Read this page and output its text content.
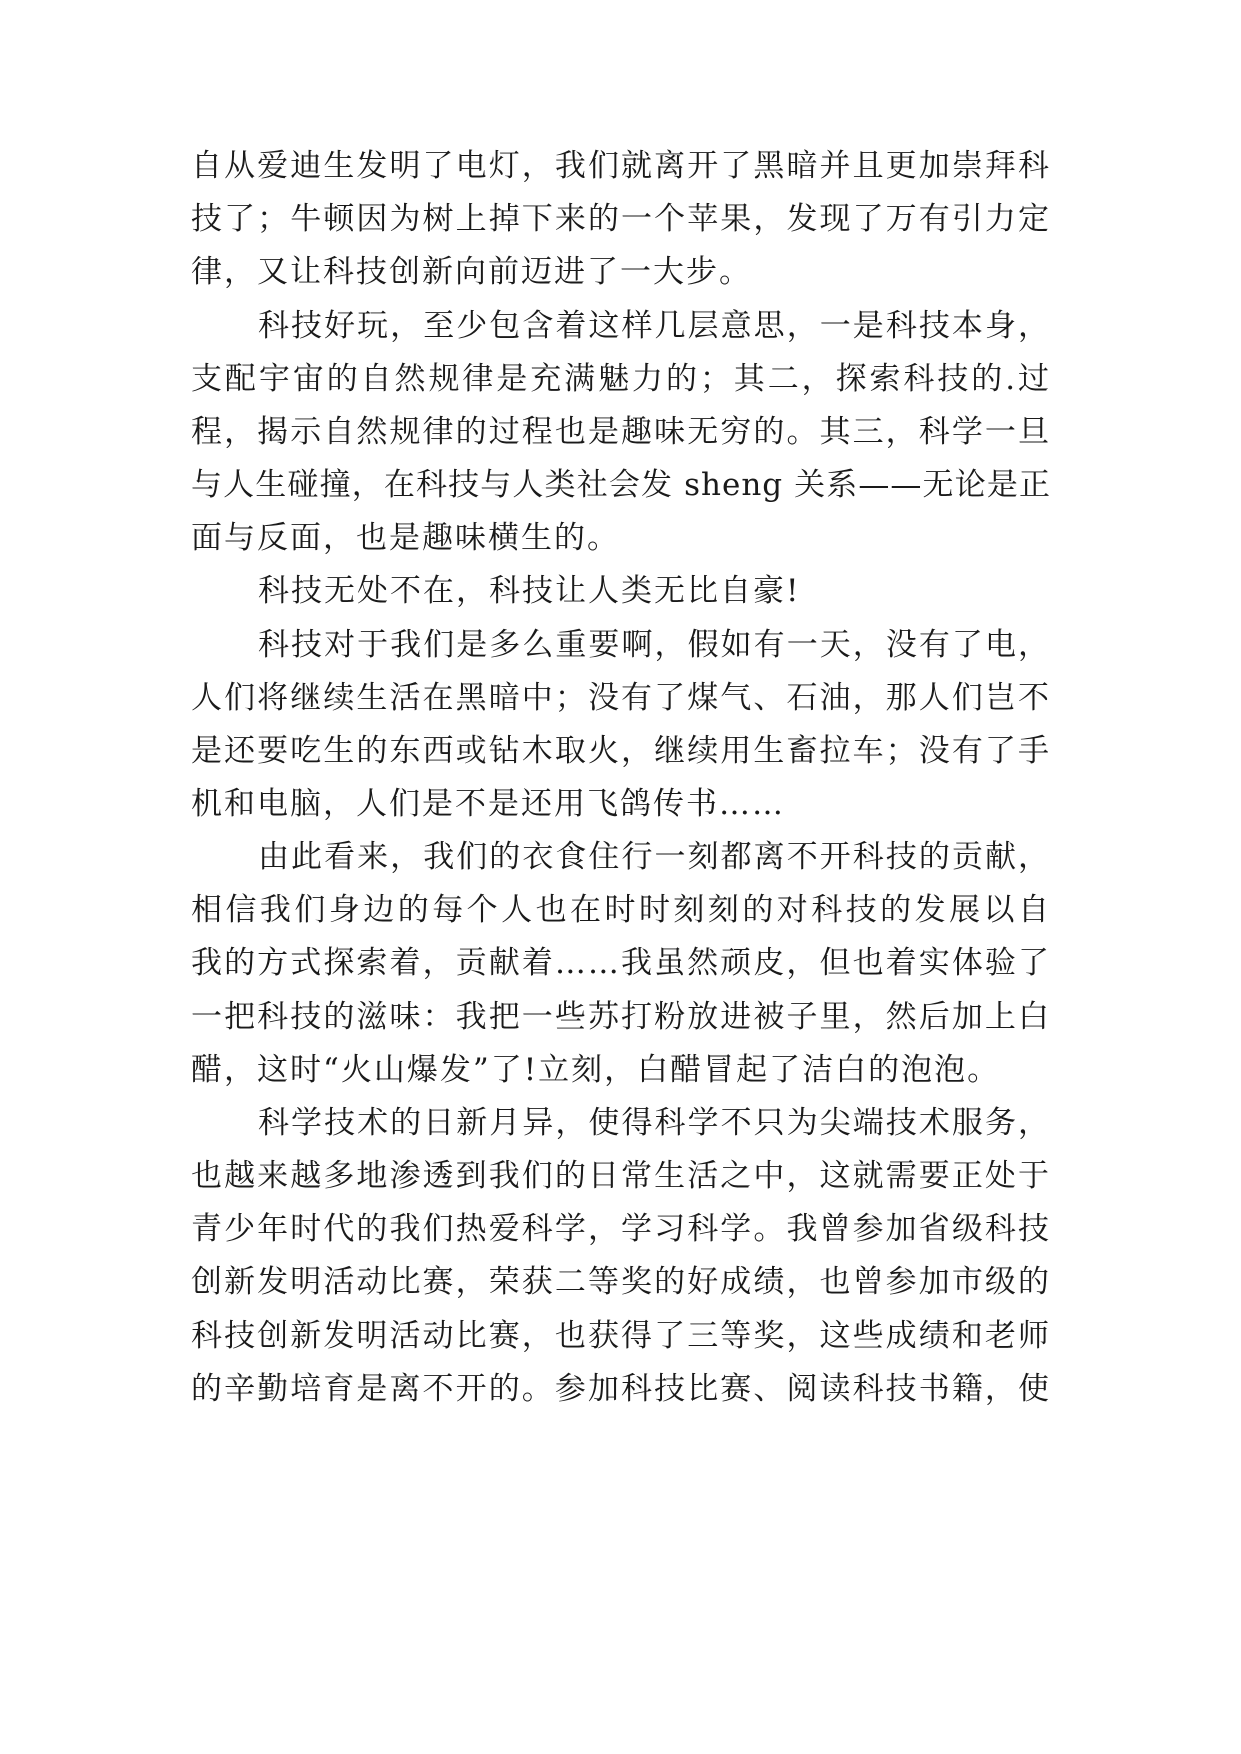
自从爱迪生发明了电灯，我们就离开了黑暗并且更加崇拜科
技了；牛顿因为树上掉下来的一个苹果，发现了万有引力定
律，又让科技创新向前迈进了一大步。
科技好玩，至少包含着这样几层意思，一是科技本身，
支配宇宙的自然规律是充满魅力的；其二，探索科技的.过
程，揭示自然规律的过程也是趣味无穷的。其三，科学一旦
与人生碰撞，在科技与人类社会发 sheng 关系——无论是正
面与反面，也是趣味横生的。
科技无处不在，科技让人类无比自豪!
科技对于我们是多么重要啊，假如有一天，没有了电，
人们将继续生活在黑暗中；没有了煤气、石油，那人们岂不
是还要吃生的东西或钻木取火，继续用生畜拉车；没有了手
机和电脑，人们是不是还用飞鸽传书……
由此看来，我们的衣食住行一刻都离不开科技的贡献，
相信我们身边的每个人也在时时刻刻的对科技的发展以自
我的方式探索着，贡献着……我虽然顽皮，但也着实体验了
一把科技的滋味：我把一些苏打粉放进被子里，然后加上白
醋，这时“火山爆发”了!立刻，白醋冒起了洁白的泡泡。
科学技术的日新月异，使得科学不只为尖端技术服务，
也越来越多地渗透到我们的日常生活之中，这就需要正处于
青少年时代的我们热爱科学，学习科学。我曾参加省级科技
创新发明活动比赛，荣获二等奖的好成绩，也曾参加市级的
科技创新发明活动比赛，也获得了三等奖，这些成绩和老师
的辛勤培育是离不开的。参加科技比赛、阅读科技书籍，使
